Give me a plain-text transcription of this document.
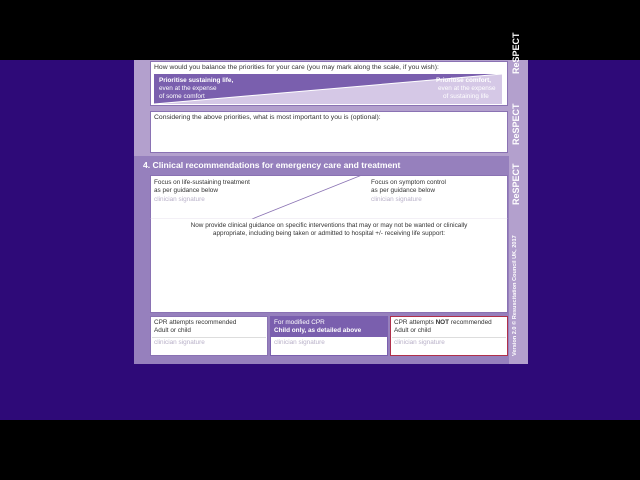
ReSPECT
ReSPECT
ReSPECT
Version 2.0 © Resuscitation Council UK, 2017
How would you balance the priorities for your care (you may mark along the scale, if you wish):
Prioritise sustaining life,
even at the expense
of some comfort
Prioritise comfort,
even at the expense
of sustaining life
Considering the above priorities, what is most important to you is (optional):
4. Clinical recommendations for emergency care and treatment
Focus on life-sustaining treatment
as per guidance below
clinician signature
Focus on symptom control
as per guidance below
clinician signature
Now provide clinical guidance on specific interventions that may or may not be wanted or clinically
appropriate, including being taken or admitted to hospital +/- receiving life support:
CPR attempts recommended
Adult or child
clinician signature
For modified CPR
Child only, as detailed above
clinician signature
CPR attempts NOT recommended
Adult or child
clinician signature
